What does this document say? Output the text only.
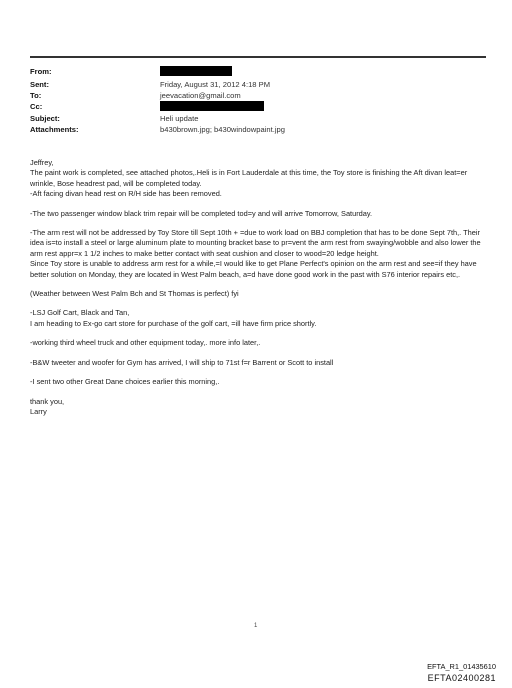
From:
Sent:	Friday, August 31, 2012 4:18 PM
To:	jeevacation@gmail.com
Cc:
Subject:	Heli update
Attachments:	b430brown.jpg; b430windowpaint.jpg

Jeffrey,
The paint work is completed, see attached photos,.Heli is in Fort Lauderdale at this time, the Toy store is finishing the Aft divan leat=er wrinkle, Bose headrest pad, will be completed today.
-Aft facing divan head rest on R/H side has been removed.

-The two passenger window black trim repair will be completed tod=y and will arrive Tomorrow, Saturday.

-The arm rest will not be addressed by Toy Store till Sept 10th + =due to work load on BBJ completion that has to be done Sept 7th,. Their idea is=to install a steel or large aluminum plate to mounting bracket base to pr=vent the arm rest from swaying/wobble and also lower the arm rest appr=x 1 1/2 inches to make better contact with seat cushion and closer to wood=20 ledge height.
Since Toy store is unable to address arm rest for a while,=I would like to get Plane Perfect's opinion on the arm rest and see=if they have better solution on Monday, they are located in West Palm beach, a=d have done good work in the past with S76 interior repairs etc,.

(Weather between West Palm Bch and St Thomas is perfect) fyi

-LSJ Golf Cart, Black and Tan,
I am heading to Ex-go cart store for purchase of the golf cart, =ill have firm price shortly.

-working third wheel truck and other equipment today,. more info later,.

-B&W tweeter and woofer for Gym has arrived, I will ship to 71st f=r Barrent or Scott to install

-I sent two other Great Dane choices earlier this morning,.

thank you,
Larry

1
EFTA_R1_01435610
EFTA02400281
